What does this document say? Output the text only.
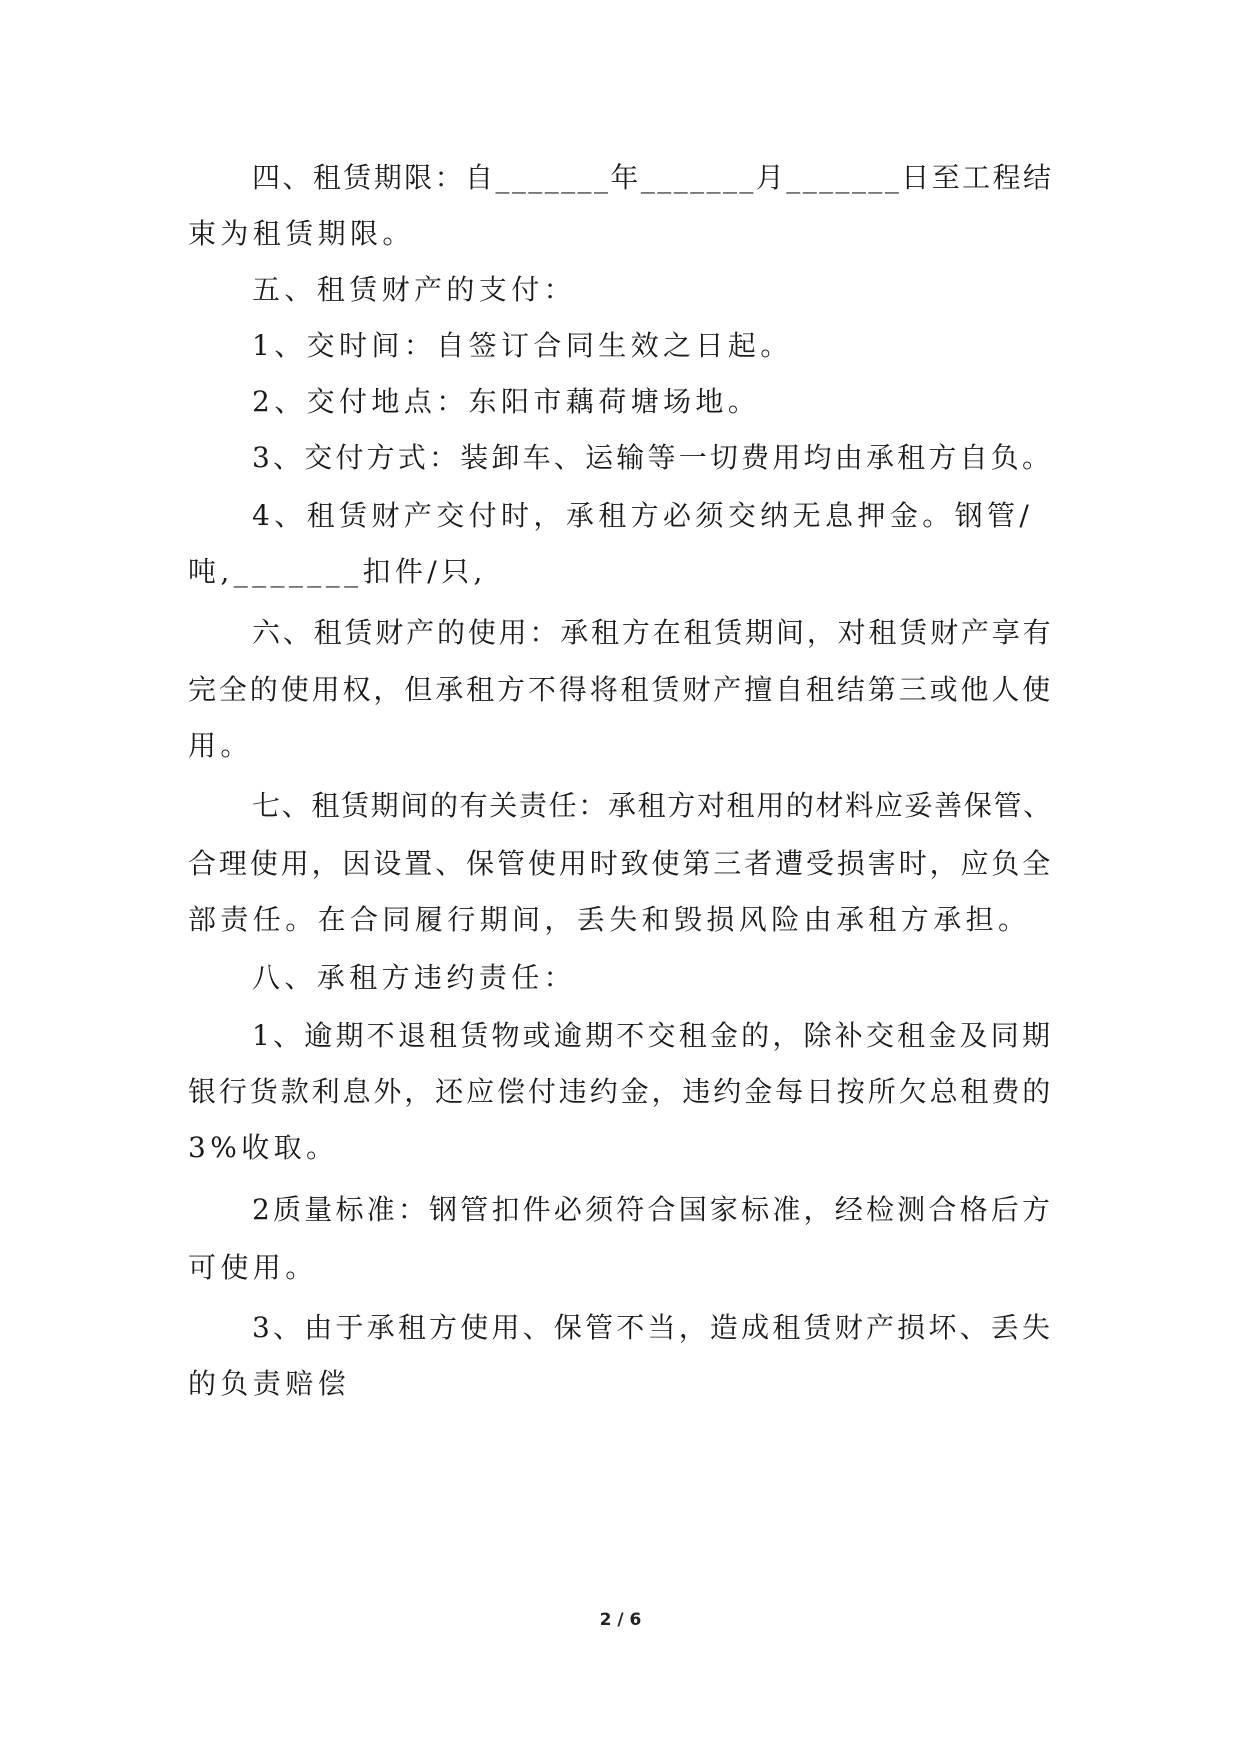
四、租赁期限：自_______年_______月_______日至工程结
束为租赁期限。
五、租赁财产的支付：
1、交时间：自签订合同生效之日起。
2、交付地点：东阳市藕荷塘场地。
3、交付方式：装卸车、运输等一切费用均由承租方自负。
4、租赁财产交付时，承租方必须交纳无息押金。钢管/
吨,_______扣件/只,
六、租赁财产的使用：承租方在租赁期间，对租赁财产享有
完全的使用权，但承租方不得将租赁财产擅自租结第三或他人使
用。
七、租赁期间的有关责任：承租方对租用的材料应妥善保管、
合理使用，因设置、保管使用时致使第三者遭受损害时，应负全
部责任。在合同履行期间，丢失和毁损风险由承租方承担。
八、承租方违约责任：
1、逾期不退租赁物或逾期不交租金的，除补交租金及同期
银行货款利息外，还应偿付违约金，违约金每日按所欠总租费的
3%收取。
2质量标准：钢管扣件必须符合国家标准，经检测合格后方
可使用。
3、由于承租方使用、保管不当，造成租赁财产损坏、丢失
的负责赔偿
2 / 6
